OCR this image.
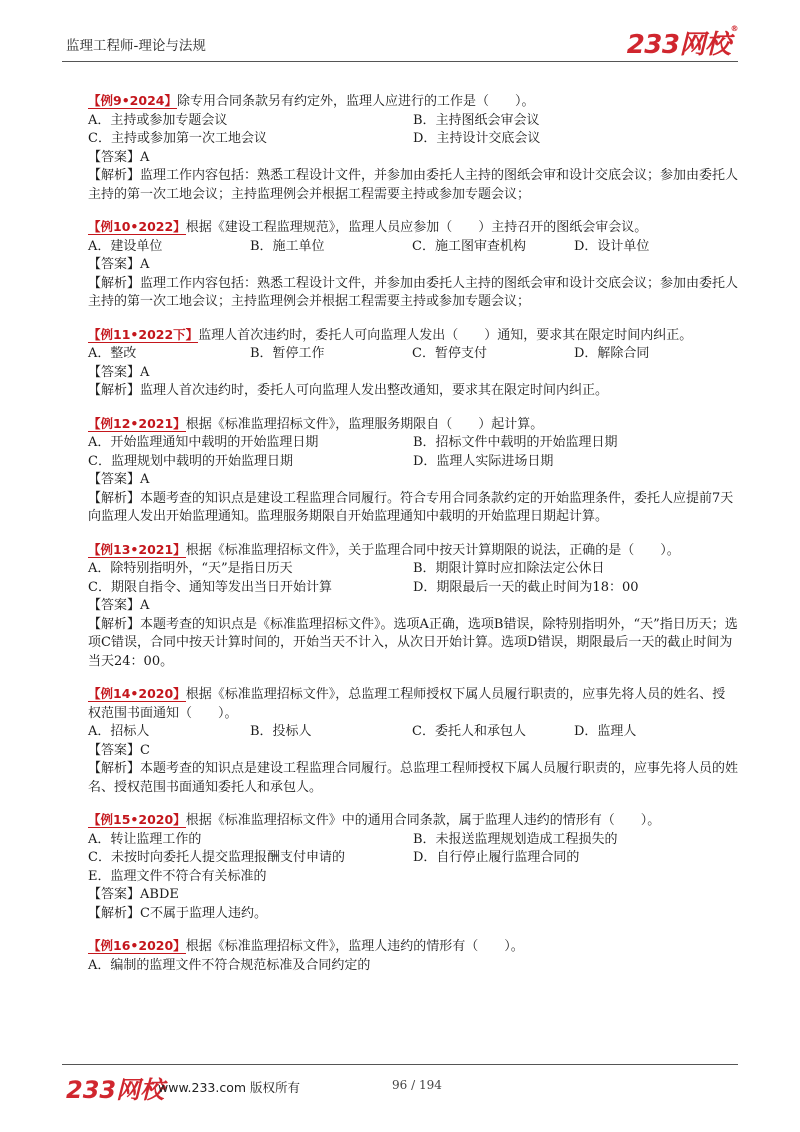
监理工程师-理论与法规	233网校®
【例9•2024】除专用合同条款另有约定外，监理人应进行的工作是（　　）。
A．主持或参加专题会议	B．主持图纸会审会议
C．主持或参加第一次工地会议	D．主持设计交底会议
【答案】A
【解析】监理工作内容包括：熟悉工程设计文件，并参加由委托人主持的图纸会审和设计交底会议；参加由委托人主持的第一次工地会议；主持监理例会并根据工程需要主持或参加专题会议；
【例10•2022】根据《建设工程监理规范》，监理人员应参加（　　）主持召开的图纸会审会议。
A．建设单位	B．施工单位	C．施工图审查机构	D．设计单位
【答案】A
【解析】监理工作内容包括：熟悉工程设计文件，并参加由委托人主持的图纸会审和设计交底会议；参加由委托人主持的第一次工地会议；主持监理例会并根据工程需要主持或参加专题会议；
【例11•2022下】监理人首次违约时，委托人可向监理人发出（　　）通知，要求其在限定时间内纠正。
A．整改	B．暂停工作	C．暂停支付	D．解除合同
【答案】A
【解析】监理人首次违约时，委托人可向监理人发出整改通知，要求其在限定时间内纠正。
【例12•2021】根据《标准监理招标文件》，监理服务期限自（　　）起计算。
A．开始监理通知中载明的开始监理日期	B．招标文件中载明的开始监理日期
C．监理规划中载明的开始监理日期	D．监理人实际进场日期
【答案】A
【解析】本题考查的知识点是建设工程监理合同履行。符合专用合同条款约定的开始监理条件，委托人应提前7天向监理人发出开始监理通知。监理服务期限自开始监理通知中载明的开始监理日期起计算。
【例13•2021】根据《标准监理招标文件》，关于监理合同中按天计算期限的说法，正确的是（　　）。
A．除特别指明外，“天”是指日历天	B．期限计算时应扣除法定公休日
C．期限自指令、通知等发出当日开始计算	D．期限最后一天的截止时间为18：00
【答案】A
【解析】本题考查的知识点是《标准监理招标文件》。选项A正确，选项B错误，除特别指明外，“天”指日历天；选项C错误，合同中按天计算时间的，开始当天不计入，从次日开始计算。选项D错误，期限最后一天的截止时间为当天24：00。
【例14•2020】根据《标准监理招标文件》，总监理工程师授权下属人员履行职责的，应事先将人员的姓名、授权范围书面通知（　　）。
A．招标人	B．投标人	C．委托人和承包人	D．监理人
【答案】C
【解析】本题考查的知识点是建设工程监理合同履行。总监理工程师授权下属人员履行职责的，应事先将人员的姓名、授权范围书面通知委托人和承包人。
【例15•2020】根据《标准监理招标文件》中的通用合同条款，属于监理人违约的情形有（　　）。
A．转让监理工作的	B．未报送监理规划造成工程损失的
C．未按时向委托人提交监理报酬支付申请的	D．自行停止履行监理合同的
E．监理文件不符合有关标准的
【答案】ABDE
【解析】C不属于监理人违约。
【例16•2020】根据《标准监理招标文件》，监理人违约的情形有（　　）。
A．编制的监理文件不符合规范标准及合同约定的
233网校
www.233.com 版权所有	96 / 194
